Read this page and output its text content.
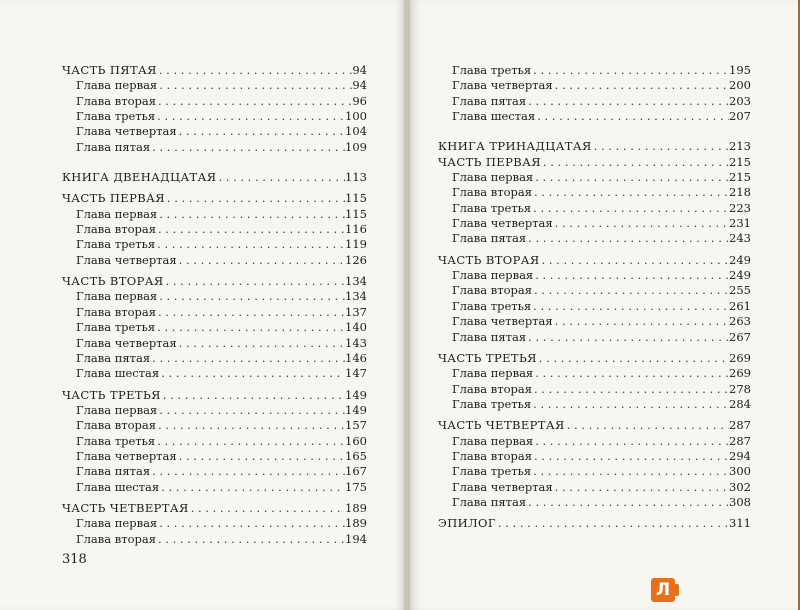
ЧАСТЬ ПЯТАЯ . . .	94
Глава первая . . .	94
Глава вторая . . .	96
Глава третья . . .	100
Глава четвертая . . .	104
Глава пятая . . .	109
КНИГА ДВЕНАДЦАТАЯ . . .	113
ЧАСТЬ ПЕРВАЯ . . .	115
Глава первая . . .	115
Глава вторая . . .	116
Глава третья . . .	119
Глава четвертая . . .	126
ЧАСТЬ ВТОРАЯ . . .	134
Глава первая . . .	134
Глава вторая . . .	137
Глава третья . . .	140
Глава четвертая . . .	143
Глава пятая . . .	146
Глава шестая . . .	147
ЧАСТЬ ТРЕТЬЯ . . .	149
Глава первая . . .	149
Глава вторая . . .	157
Глава третья . . .	160
Глава четвертая . . .	165
Глава пятая . . .	167
Глава шестая . . .	175
ЧАСТЬ ЧЕТВЕРТАЯ . . .	189
Глава первая . . .	189
Глава вторая . . .	194
318
Глава третья . . .	195
Глава четвертая . . .	200
Глава пятая . . .	203
Глава шестая . . .	207
КНИГА ТРИНАДЦАТАЯ . . .	213
ЧАСТЬ ПЕРВАЯ . . .	215
Глава первая . . .	215
Глава вторая . . .	218
Глава третья . . .	223
Глава четвертая . . .	231
Глава пятая . . .	243
ЧАСТЬ ВТОРАЯ . . .	249
Глава первая . . .	249
Глава вторая . . .	255
Глава третья . . .	261
Глава четвертая . . .	263
Глава пятая . . .	267
ЧАСТЬ ТРЕТЬЯ . . .	269
Глава первая . . .	269
Глава вторая . . .	278
Глава третья . . .	284
ЧАСТЬ ЧЕТВЕРТАЯ . . .	287
Глава первая . . .	287
Глава вторая . . .	294
Глава третья . . .	300
Глава четвертая . . .	302
Глава пятая . . .	308
ЭПИЛОГ . . .	311
Л
